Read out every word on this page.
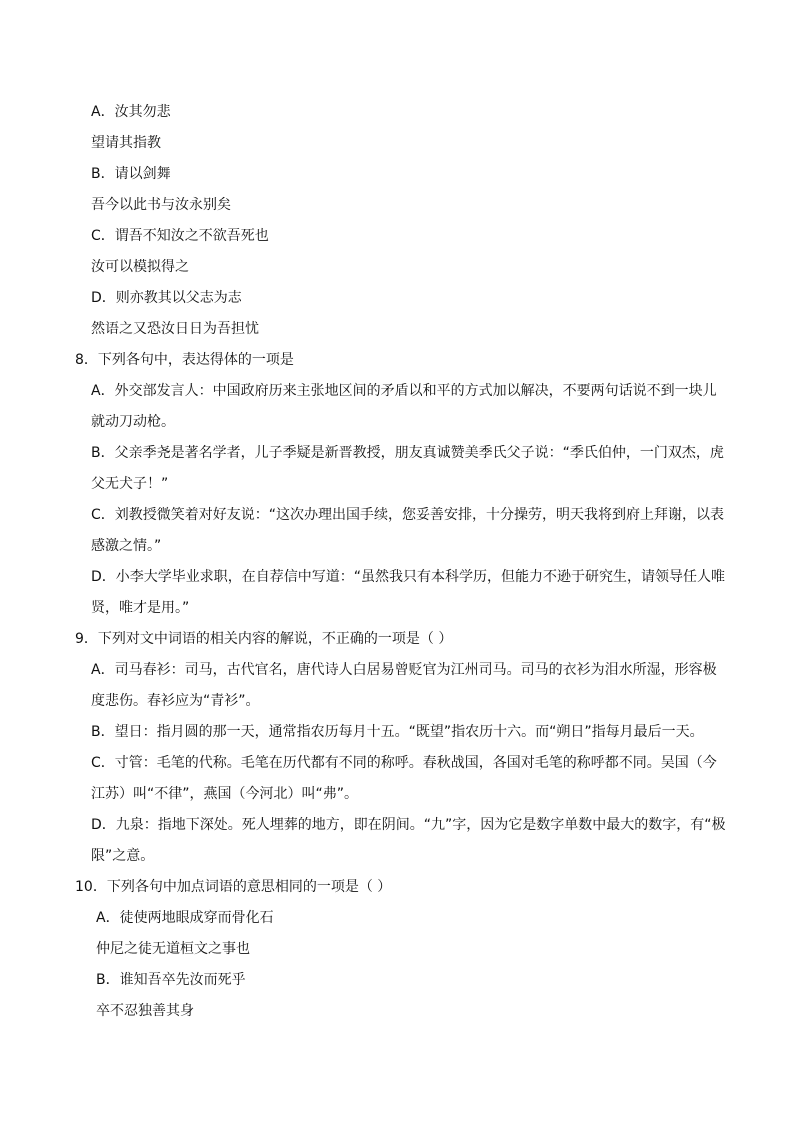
A．汝其勿悲
望请其指教
B．请以剑舞
吾今以此书与汝永别矣
C．谓吾不知汝之不欲吾死也
汝可以模拟得之
D．则亦教其以父志为志
然语之又恐汝日日为吾担忧
8．下列各句中，表达得体的一项是
A．外交部发言人：中国政府历来主张地区间的矛盾以和平的方式加以解决，不要两句话说不到一块儿
就动刀动枪。
B．父亲季尧是著名学者，儿子季疑是新晋教授，朋友真诚赞美季氏父子说：“季氏伯仲，一门双杰，虎
父无犬子！”
C．刘教授微笑着对好友说：“这次办理出国手续，您妥善安排，十分操劳，明天我将到府上拜谢，以表
感激之情。”
D．小李大学毕业求职，在自荐信中写道：“虽然我只有本科学历，但能力不逊于研究生，请领导任人唯
贤，唯才是用。”
9．下列对文中词语的相关内容的解说，不正确的一项是（ ）
A．司马春衫：司马，古代官名，唐代诗人白居易曾贬官为江州司马。司马的衣衫为泪水所湿，形容极
度悲伤。春衫应为“青衫”。
B．望日：指月圆的那一天，通常指农历每月十五。“既望”指农历十六。而“朔日”指每月最后一天。
C．寸管：毛笔的代称。毛笔在历代都有不同的称呼。春秋战国，各国对毛笔的称呼都不同。吴国（今
江苏）叫“不律”，燕国（今河北）叫“弗”。
D．九泉：指地下深处。死人埋葬的地方，即在阴间。“九”字，因为它是数字单数中最大的数字，有“极
限”之意。
10．下列各句中加点词语的意思相同的一项是（ ）
A．徒使两地眼成穿而骨化石
仲尼之徒无道桓文之事也
B．谁知吾卒先汝而死乎
卒不忍独善其身
